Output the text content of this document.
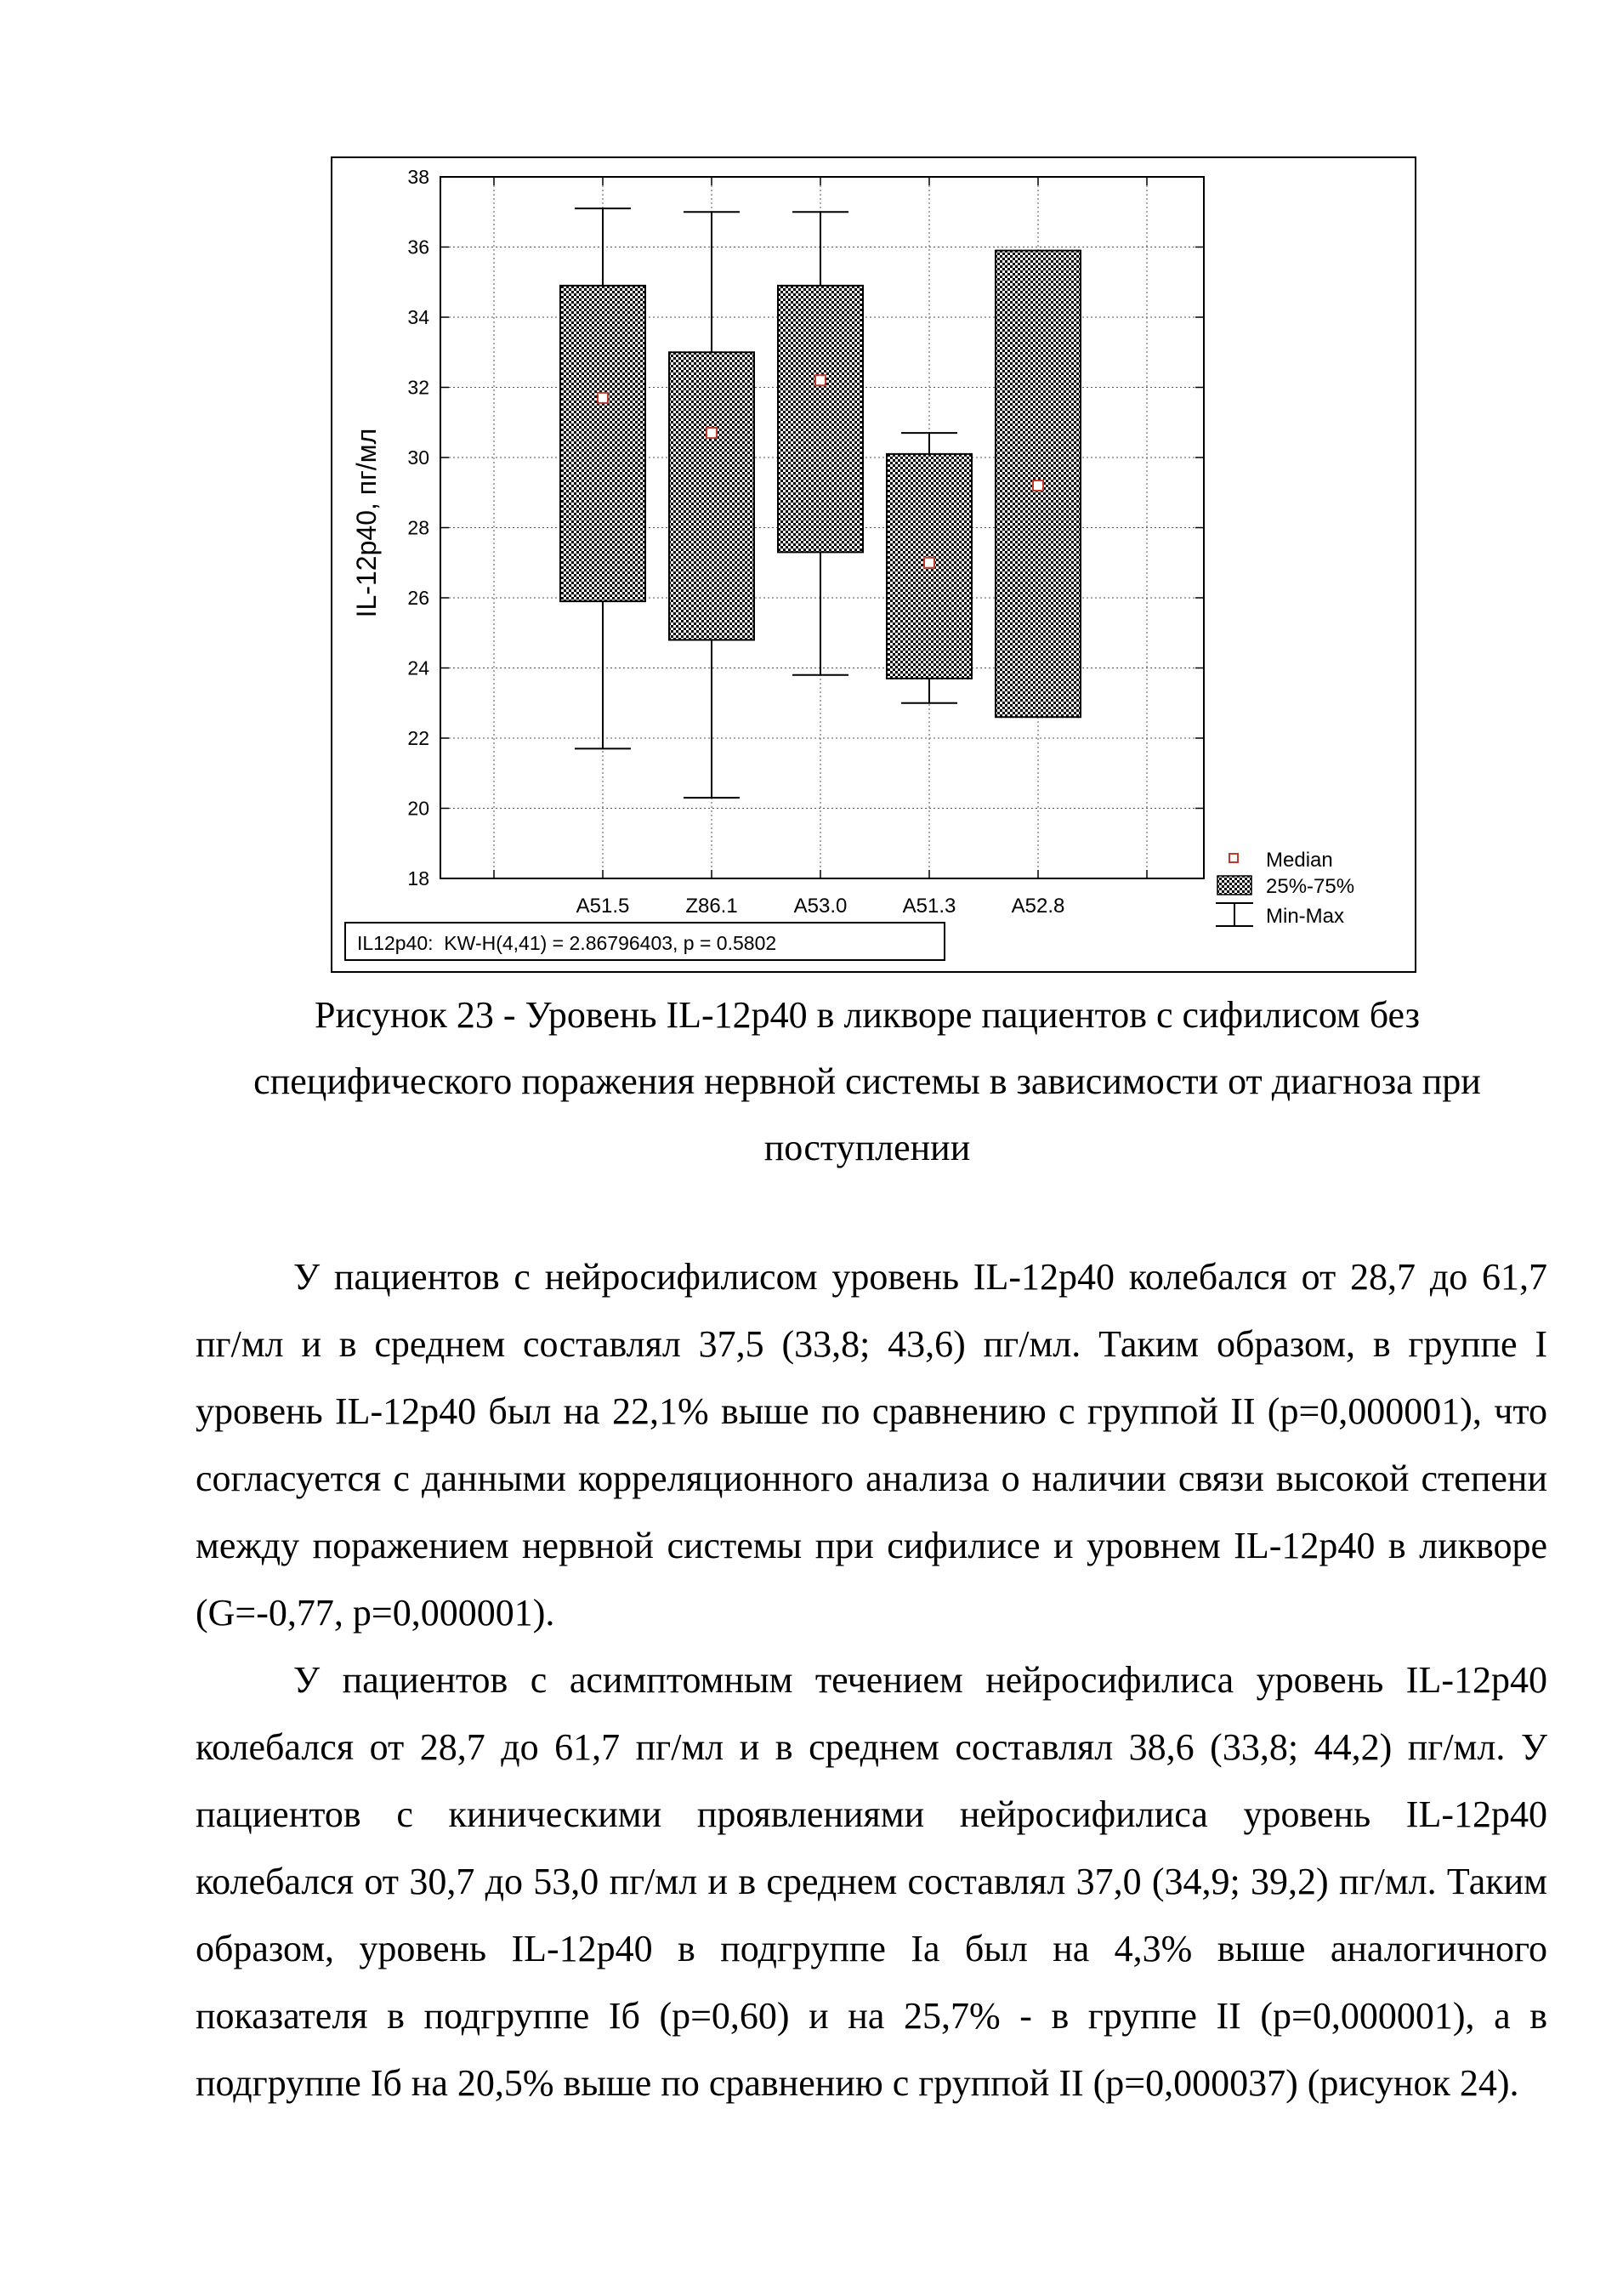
18
20
22
24
26
28
30
32
34
36
38
A51.5	Z86.1	A53.0	A51.3	A52.8
IL-12p40, пг/мл
IL12p40:  KW-H(4,41) = 2.86796403, p = 0.5802
Median
25%-75%
Min-Max
Рисунок 23 - Уровень IL-12р40 в ликворе пациентов с сифилисом без специфического поражения нервной системы в зависимости от диагноза при поступлении

У пациентов с нейросифилисом уровень IL-12р40 колебался от 28,7 до 61,7 пг/мл и в среднем составлял 37,5 (33,8; 43,6) пг/мл. Таким образом, в группе I уровень IL-12р40 был на 22,1% выше по сравнению с группой II (p=0,000001), что согласуется с данными корреляционного анализа о наличии связи высокой степени между поражением нервной системы при сифилисе и уровнем IL-12р40 в ликворе (G=-0,77, p=0,000001).

У пациентов с асимптомным течением нейросифилиса уровень IL-12р40 колебался от 28,7 до 61,7 пг/мл и в среднем составлял 38,6 (33,8; 44,2) пг/мл. У пациентов с киническими проявлениями нейросифилиса уровень IL-12р40 колебался от 30,7 до 53,0 пг/мл и в среднем составлял 37,0 (34,9; 39,2) пг/мл. Таким образом, уровень IL-12р40 в подгруппе Iа был на 4,3% выше аналогичного показателя в подгруппе Iб (p=0,60) и на 25,7% - в группе II (p=0,000001), а в подгруппе Iб на 20,5% выше по сравнению с группой II (p=0,000037) (рисунок 24).
